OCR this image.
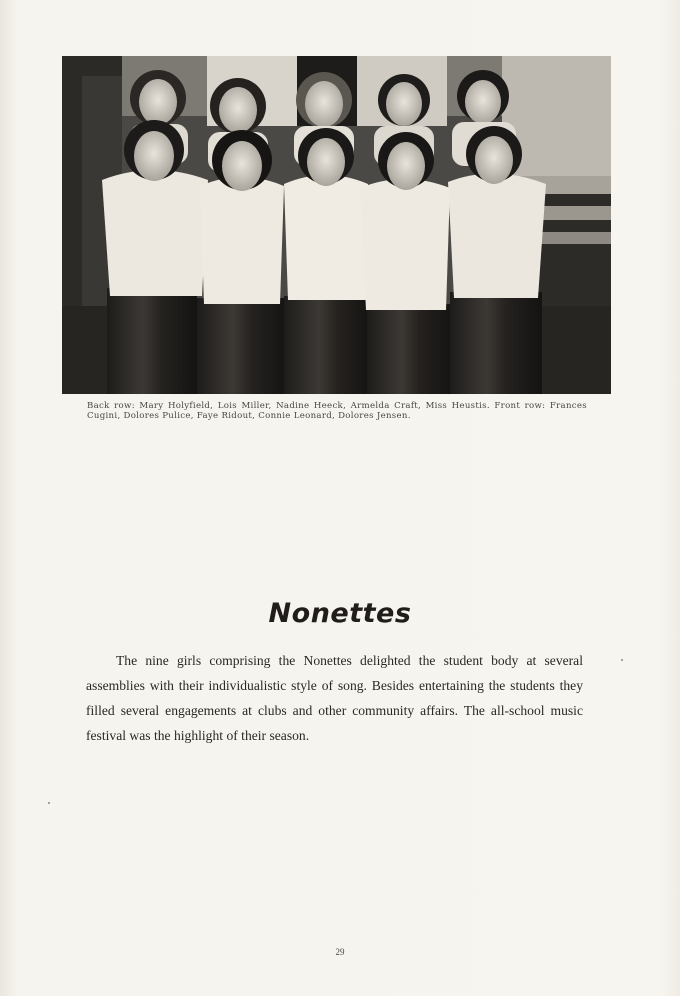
Back row: Mary Holyfield, Lois Miller, Nadine Heeck, Armelda Craft, Miss Heustis. Front row: Frances Cugini, Dolores Pulice, Faye Ridout, Connie Leonard, Dolores Jensen.
Nonettes
The nine girls comprising the Nonettes delighted the student body at several assemblies with their individualistic style of song. Besides entertaining the students they filled several engagements at clubs and other community affairs. The all-school music festival was the highlight of their season.
29
